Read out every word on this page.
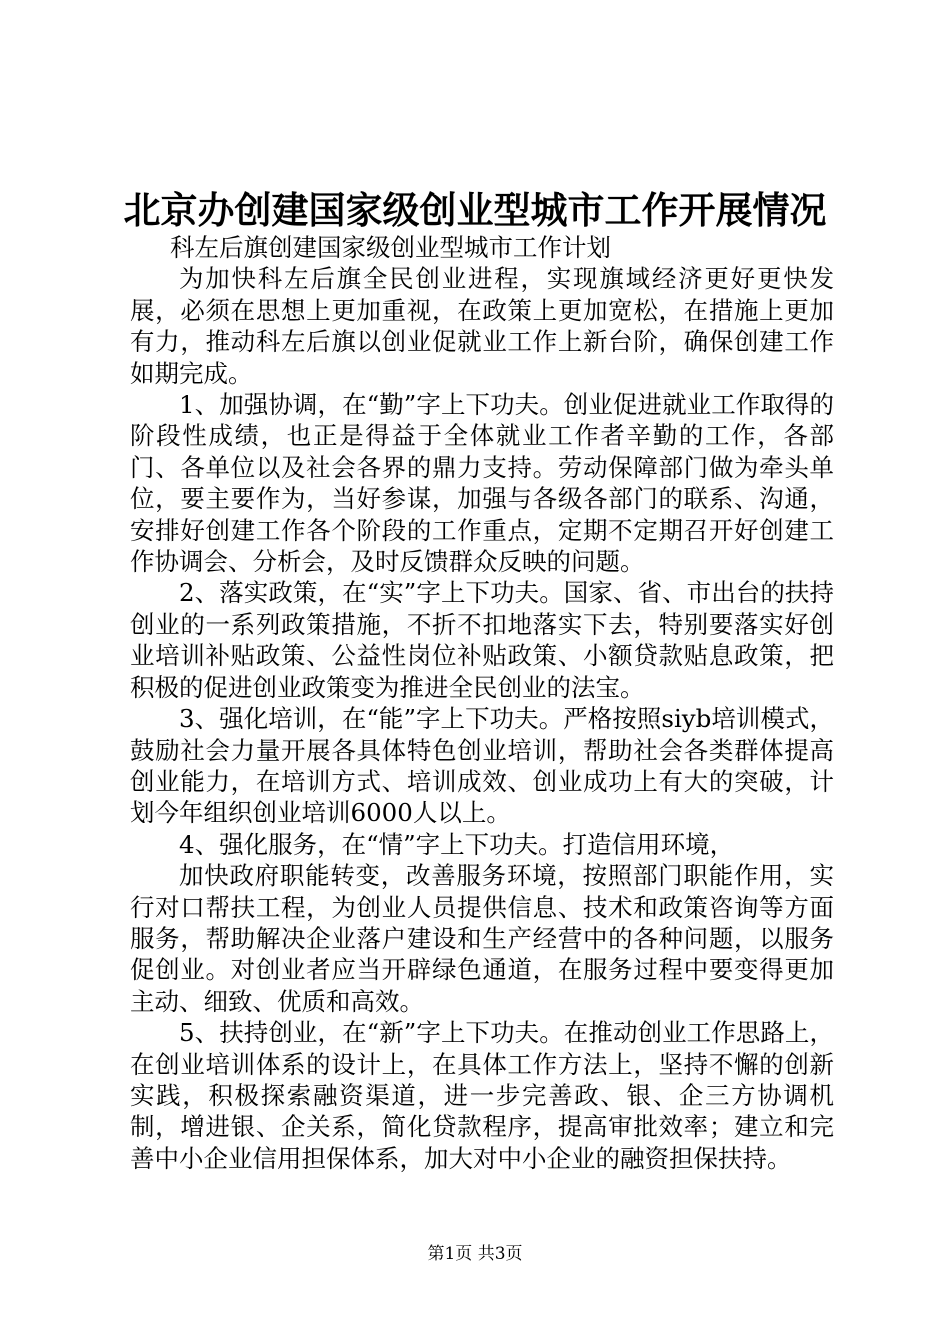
北京办创建国家级创业型城市工作开展情况

科左后旗创建国家级创业型城市工作计划

为加快科左后旗全民创业进程，实现旗域经济更好更快发展，必须在思想上更加重视，在政策上更加宽松，在措施上更加有力，推动科左后旗以创业促就业工作上新台阶，确保创建工作如期完成。

1、加强协调，在“勤”字上下功夫。创业促进就业工作取得的阶段性成绩，也正是得益于全体就业工作者辛勤的工作，各部门、各单位以及社会各界的鼎力支持。劳动保障部门做为牵头单位，要主要作为，当好参谋，加强与各级各部门的联系、沟通，安排好创建工作各个阶段的工作重点，定期不定期召开好创建工作协调会、分析会，及时反馈群众反映的问题。

2、落实政策，在“实”字上下功夫。国家、省、市出台的扶持创业的一系列政策措施，不折不扣地落实下去，特别要落实好创业培训补贴政策、公益性岗位补贴政策、小额贷款贴息政策，把积极的促进创业政策变为推进全民创业的法宝。

3、强化培训，在“能”字上下功夫。严格按照siyb培训模式，鼓励社会力量开展各具体特色创业培训，帮助社会各类群体提高创业能力，在培训方式、培训成效、创业成功上有大的突破，计划今年组织创业培训6000人以上。

4、强化服务，在“情”字上下功夫。打造信用环境，

加快政府职能转变，改善服务环境，按照部门职能作用，实行对口帮扶工程，为创业人员提供信息、技术和政策咨询等方面服务，帮助解决企业落户建设和生产经营中的各种问题，以服务促创业。对创业者应当开辟绿色通道，在服务过程中要变得更加主动、细致、优质和高效。

5、扶持创业，在“新”字上下功夫。在推动创业工作思路上，在创业培训体系的设计上，在具体工作方法上，坚持不懈的创新实践，积极探索融资渠道，进一步完善政、银、企三方协调机制，增进银、企关系，简化贷款程序，提高审批效率；建立和完善中小企业信用担保体系，加大对中小企业的融资担保扶持。

第1页 共3页
